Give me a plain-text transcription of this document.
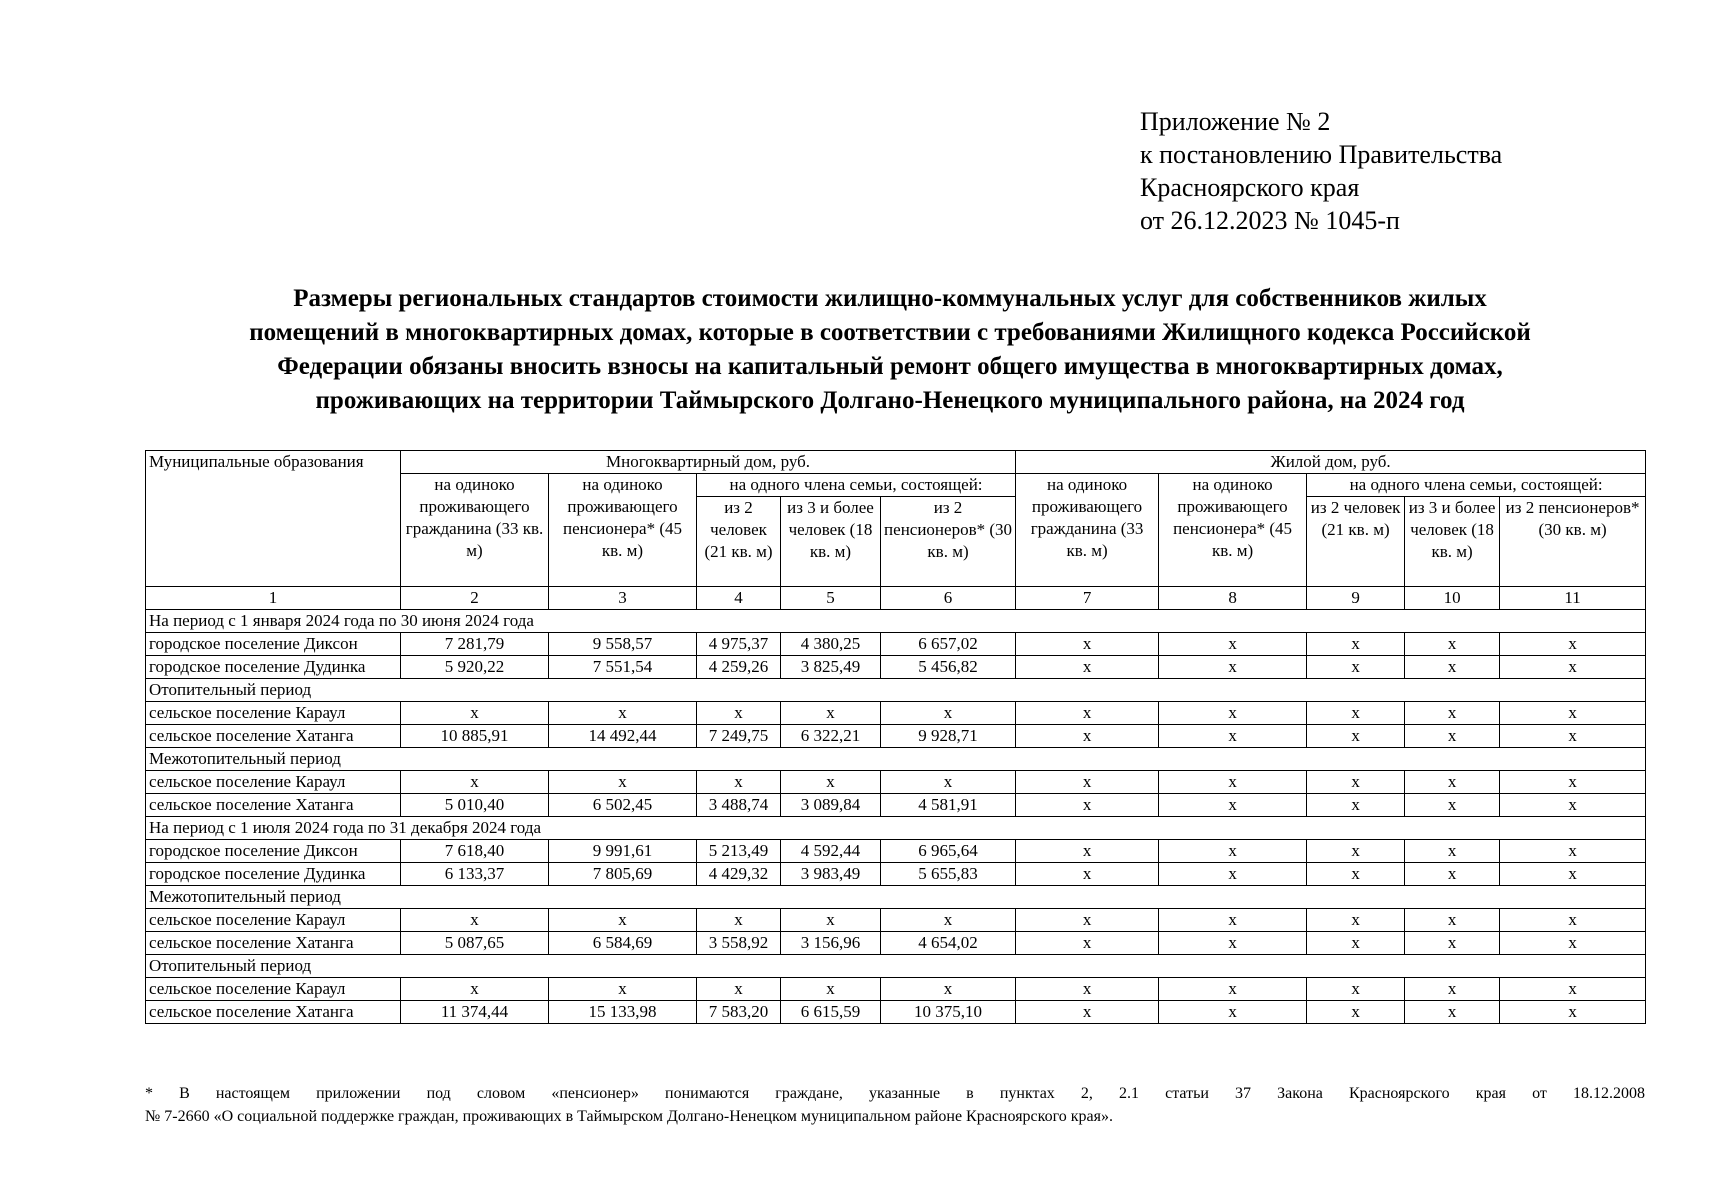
Приложение № 2
к постановлению Правительства
Красноярского края
от 26.12.2023 № 1045-п
Размеры региональных стандартов стоимости жилищно-коммунальных услуг для собственников жилых
помещений в многоквартирных домах, которые в соответствии с требованиями Жилищного кодекса Российской
Федерации обязаны вносить взносы на капитальный ремонт общего имущества в многоквартирных домах,
проживающих на территории Таймырского Долгано-Ненецкого муниципального района, на 2024 год
Муниципальные образования	Многоквартирный дом, руб.					Жилой дом, руб.				
	на одиноко проживающего гражданина (33 кв. м)	на одиноко проживающего пенсионера* (45 кв. м)	на одного члена семьи, состоящей:			на одиноко проживающего гражданина (33 кв. м)	на одиноко проживающего пенсионера* (45 кв. м)	на одного члена семьи, состоящей:		
			из 2 человек (21 кв. м)	из 3 и более человек (18 кв. м)	из 2 пенсионеров* (30 кв. м)			из 2 человек (21 кв. м)	из 3 и более человек (18 кв. м)	из 2 пенсионеров* (30 кв. м)
1	2	3	4	5	6	7	8	9	10	11
На период с 1 января 2024 года по 30 июня 2024 года										
городское поселение Диксон	7 281,79	9 558,57	4 975,37	4 380,25	6 657,02	x	x	x	x	x
городское поселение Дудинка	5 920,22	7 551,54	4 259,26	3 825,49	5 456,82	x	x	x	x	x
Отопительный период										
сельское поселение Караул	x	x	x	x	x	x	x	x	x	x
сельское поселение Хатанга	10 885,91	14 492,44	7 249,75	6 322,21	9 928,71	x	x	x	x	x
Межотопительный период										
сельское поселение Караул	x	x	x	x	x	x	x	x	x	x
сельское поселение Хатанга	5 010,40	6 502,45	3 488,74	3 089,84	4 581,91	x	x	x	x	x
На период с 1 июля 2024 года по 31 декабря 2024 года										
городское поселение Диксон	7 618,40	9 991,61	5 213,49	4 592,44	6 965,64	x	x	x	x	x
городское поселение Дудинка	6 133,37	7 805,69	4 429,32	3 983,49	5 655,83	x	x	x	x	x
Межотопительный период										
сельское поселение Караул	x	x	x	x	x	x	x	x	x	x
сельское поселение Хатанга	5 087,65	6 584,69	3 558,92	3 156,96	4 654,02	x	x	x	x	x
Отопительный период										
сельское поселение Караул	x	x	x	x	x	x	x	x	x	x
сельское поселение Хатанга	11 374,44	15 133,98	7 583,20	6 615,59	10 375,10	x	x	x	x	x
* В настоящем приложении под словом «пенсионер» понимаются граждане, указанные в пунктах 2, 2.1 статьи 37 Закона Красноярского края от 18.12.2008
№ 7-2660 «О социальной поддержке граждан, проживающих в Таймырском Долгано-Ненецком муниципальном районе Красноярского края».
